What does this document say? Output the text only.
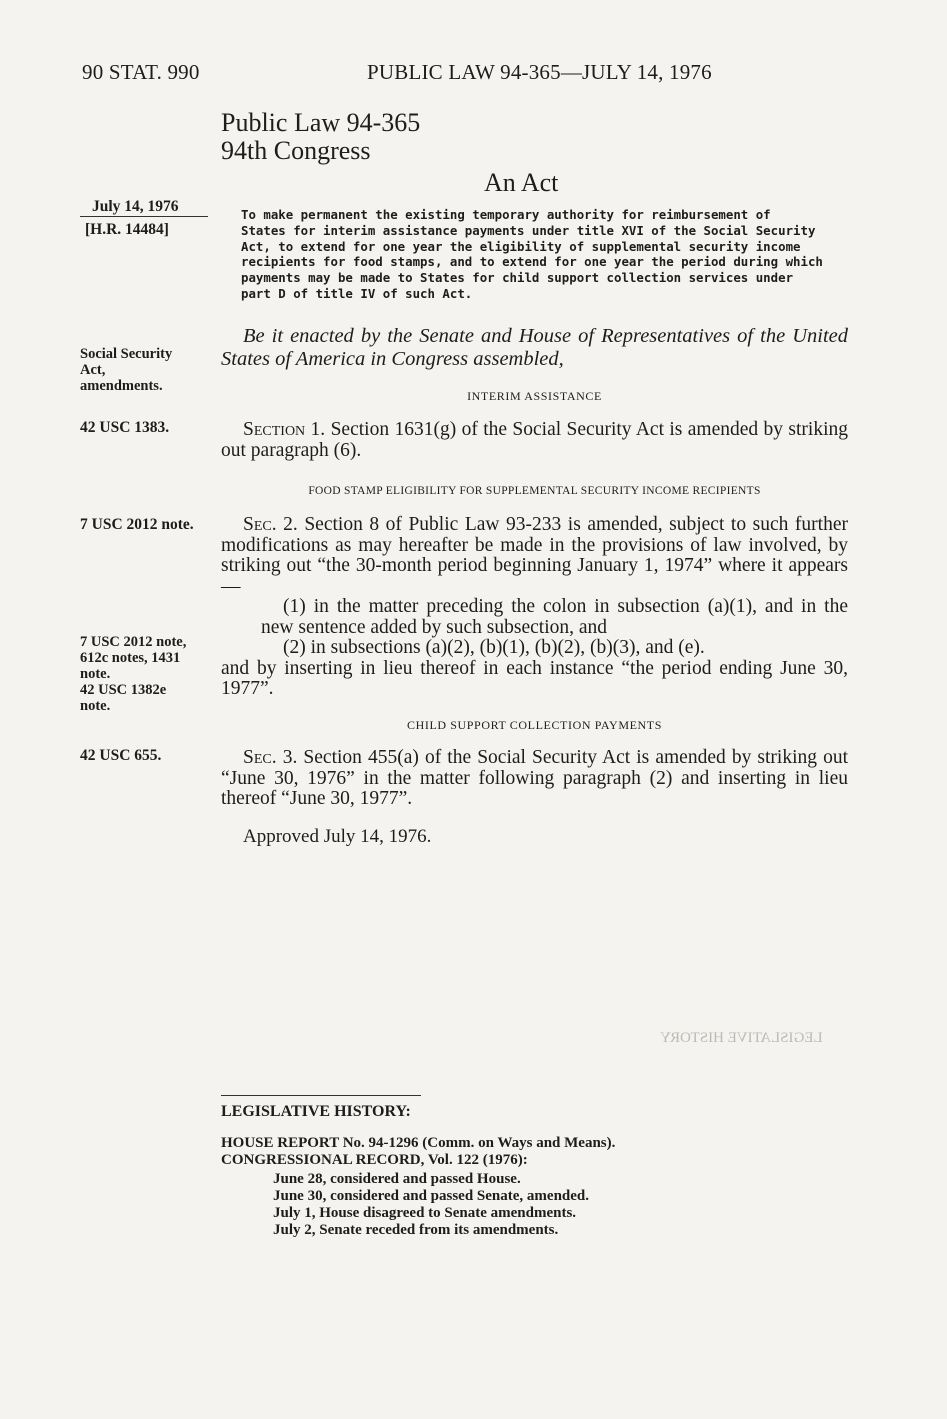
90 STAT. 990	PUBLIC LAW 94-365—JULY 14, 1976
LEGISLATIVE HISTORY
Public Law 94-365
94th Congress
An Act
July 14, 1976
[H.R. 14484]
To make permanent the existing temporary authority for reimbursement of
States for interim assistance payments under title XVI of the Social Security
Act, to extend for one year the eligibility of supplemental security income
recipients for food stamps, and to extend for one year the period during which
payments may be made to States for child support collection services under
part D of title IV of such Act.
Social Security
Act,
amendments.
Be it enacted by the Senate and House of Representatives of the United States of America in Congress assembled,
INTERIM ASSISTANCE
42 USC 1383.	Section 1. Section 1631(g) of the Social Security Act is amended by striking out paragraph (6).
FOOD STAMP ELIGIBILITY FOR SUPPLEMENTAL SECURITY INCOME RECIPIENTS
7 USC 2012 note.	Sec. 2. Section 8 of Public Law 93-233 is amended, subject to such further modifications as may hereafter be made in the provisions of law involved, by striking out “the 30-month period beginning January 1, 1974” where it appears—
(1) in the matter preceding the colon in subsection (a)(1), and in the new sentence added by such subsection, and
(2) in subsections (a)(2), (b)(1), (b)(2), (b)(3), and (e).
and by inserting in lieu thereof in each instance “the period ending June 30, 1977”.
7 USC 2012 note,
612c notes, 1431
note.
42 USC 1382e
note.
CHILD SUPPORT COLLECTION PAYMENTS
42 USC 655.	Sec. 3. Section 455(a) of the Social Security Act is amended by striking out “June 30, 1976” in the matter following paragraph (2) and inserting in lieu thereof “June 30, 1977”.
Approved July 14, 1976.
LEGISLATIVE HISTORY:
HOUSE REPORT No. 94-1296 (Comm. on Ways and Means).
CONGRESSIONAL RECORD, Vol. 122 (1976):
June 28, considered and passed House.
June 30, considered and passed Senate, amended.
July 1, House disagreed to Senate amendments.
July 2, Senate receded from its amendments.
